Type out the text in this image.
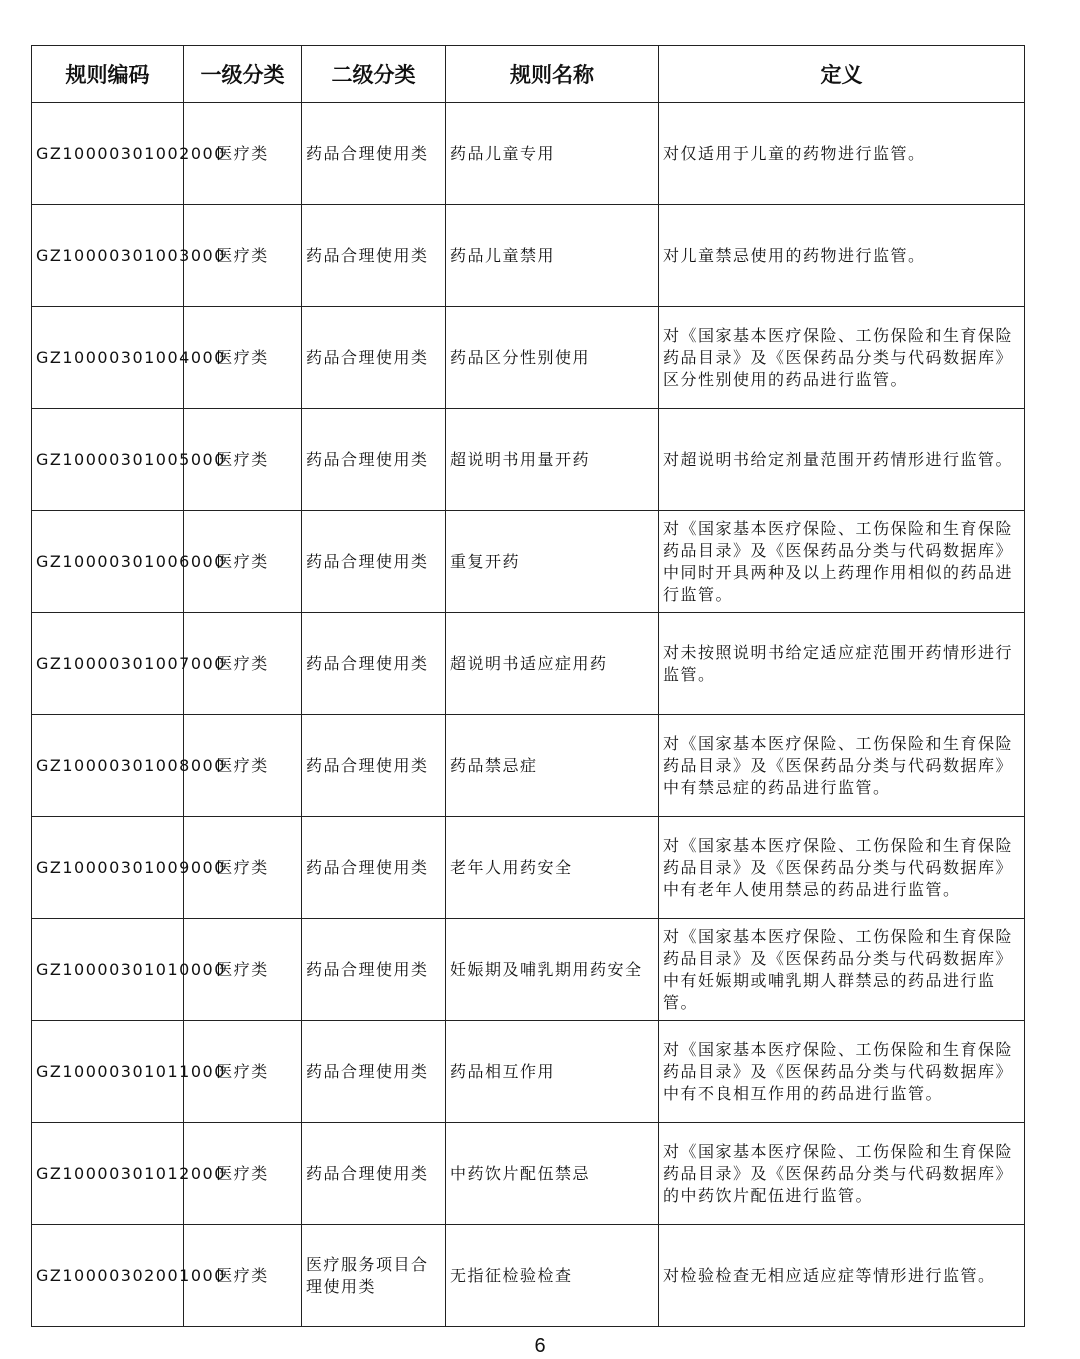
规则编码	一级分类	二级分类	规则名称	定义
GZ10000301002000	医疗类	药品合理使用类	药品儿童专用	对仅适用于儿童的药物进行监管。
GZ10000301003000	医疗类	药品合理使用类	药品儿童禁用	对儿童禁忌使用的药物进行监管。
GZ10000301004000	医疗类	药品合理使用类	药品区分性别使用	对《国家基本医疗保险、工伤保险和生育保险药品目录》及《医保药品分类与代码数据库》区分性别使用的药品进行监管。
GZ10000301005000	医疗类	药品合理使用类	超说明书用量开药	对超说明书给定剂量范围开药情形进行监管。
GZ10000301006000	医疗类	药品合理使用类	重复开药	对《国家基本医疗保险、工伤保险和生育保险药品目录》及《医保药品分类与代码数据库》中同时开具两种及以上药理作用相似的药品进行监管。
GZ10000301007000	医疗类	药品合理使用类	超说明书适应症用药	对未按照说明书给定适应症范围开药情形进行监管。
GZ10000301008000	医疗类	药品合理使用类	药品禁忌症	对《国家基本医疗保险、工伤保险和生育保险药品目录》及《医保药品分类与代码数据库》中有禁忌症的药品进行监管。
GZ10000301009000	医疗类	药品合理使用类	老年人用药安全	对《国家基本医疗保险、工伤保险和生育保险药品目录》及《医保药品分类与代码数据库》中有老年人使用禁忌的药品进行监管。
GZ10000301010000	医疗类	药品合理使用类	妊娠期及哺乳期用药安全	对《国家基本医疗保险、工伤保险和生育保险药品目录》及《医保药品分类与代码数据库》中有妊娠期或哺乳期人群禁忌的药品进行监管。
GZ10000301011000	医疗类	药品合理使用类	药品相互作用	对《国家基本医疗保险、工伤保险和生育保险药品目录》及《医保药品分类与代码数据库》中有不良相互作用的药品进行监管。
GZ10000301012000	医疗类	药品合理使用类	中药饮片配伍禁忌	对《国家基本医疗保险、工伤保险和生育保险药品目录》及《医保药品分类与代码数据库》的中药饮片配伍进行监管。
GZ10000302001000	医疗类	医疗服务项目合理使用类	无指征检验检查	对检验检查无相应适应症等情形进行监管。
6
